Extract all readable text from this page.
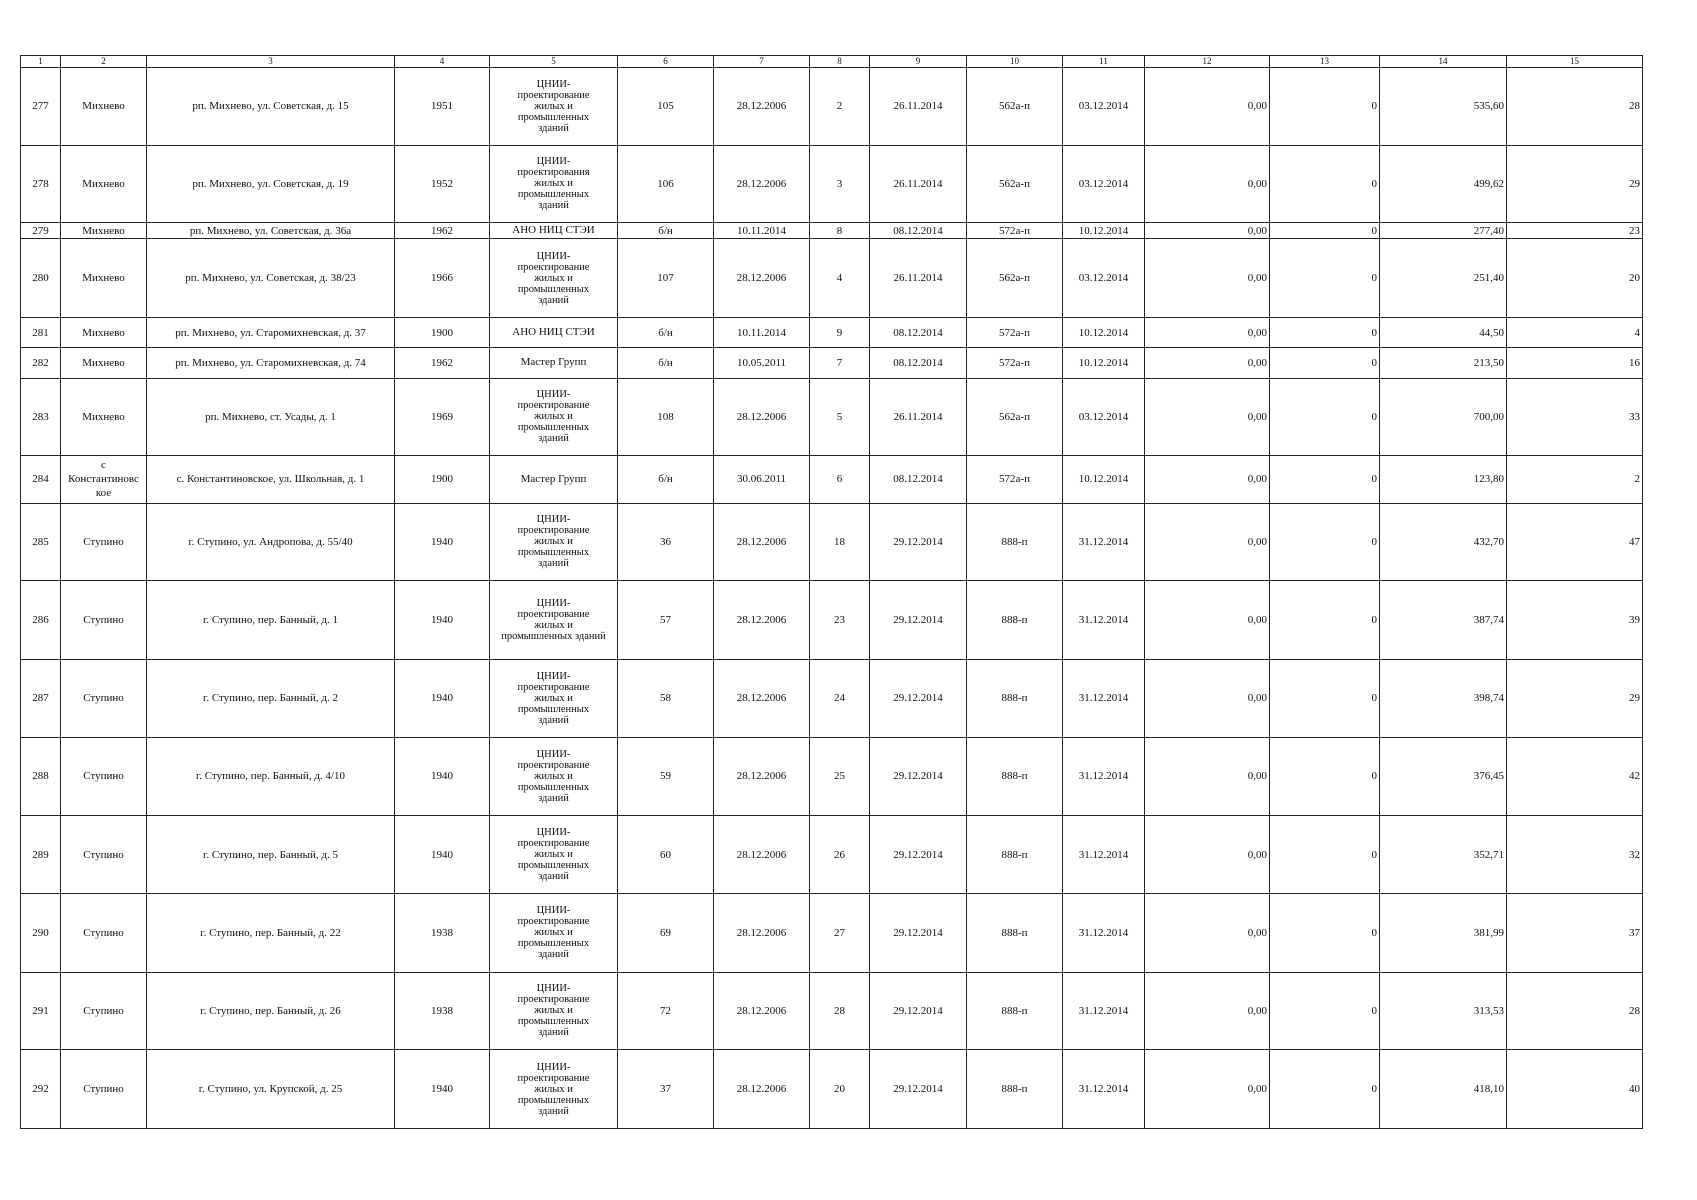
1	2	3	4	5	6	7	8	9	10	11	12	13	14	15
277	Михнево	рп. Михнево, ул. Советская, д. 15	1951	ЦНИИ-
проектирование
жилых и
промышленных
зданий	105	28.12.2006	2	26.11.2014	562а-п	03.12.2014	0,00	0	535,60	28
278	Михнево	рп. Михнево, ул. Советская, д. 19	1952	ЦНИИ-
проектирования
жилых и
промышленных
зданий	106	28.12.2006	3	26.11.2014	562а-п	03.12.2014	0,00	0	499,62	29
279	Михнево	рп. Михнево, ул. Советская, д. 36а	1962	АНО НИЦ СТЭИ	б/н	10.11.2014	8	08.12.2014	572а-п	10.12.2014	0,00	0	277,40	23
280	Михнево	рп. Михнево, ул. Советская, д. 38/23	1966	ЦНИИ-
проектирование
жилых и
промышленных
зданий	107	28.12.2006	4	26.11.2014	562а-п	03.12.2014	0,00	0	251,40	20
281	Михнево	рп. Михнево, ул. Старомихневская, д. 37	1900	АНО НИЦ СТЭИ	б/н	10.11.2014	9	08.12.2014	572а-п	10.12.2014	0,00	0	44,50	4
282	Михнево	рп. Михнево, ул. Старомихневская, д. 74	1962	Мастер Групп	б/н	10.05.2011	7	08.12.2014	572а-п	10.12.2014	0,00	0	213,50	16
283	Михнево	рп. Михнево, ст. Усады, д. 1	1969	ЦНИИ-
проектирование
жилых и
промышленных
зданий	108	28.12.2006	5	26.11.2014	562а-п	03.12.2014	0,00	0	700,00	33
284	с
Константиновс
кое	с. Константиновское, ул. Школьная, д. 1	1900	Мастер Групп	б/н	30.06.2011	6	08.12.2014	572а-п	10.12.2014	0,00	0	123,80	2
285	Ступино	г. Ступино, ул. Андропова, д. 55/40	1940	ЦНИИ-
проектирование
жилых и
промышленных
зданий	36	28.12.2006	18	29.12.2014	888-п	31.12.2014	0,00	0	432,70	47
286	Ступино	г. Ступино, пер. Банный, д. 1	1940	ЦНИИ-
проектирование
жилых и
промышленных зданий	57	28.12.2006	23	29.12.2014	888-п	31.12.2014	0,00	0	387,74	39
287	Ступино	г. Ступино, пер. Банный, д. 2	1940	ЦНИИ-
проектирование
жилых и
промышленных
зданий	58	28.12.2006	24	29.12.2014	888-п	31.12.2014	0,00	0	398,74	29
288	Ступино	г. Ступино, пер. Банный, д. 4/10	1940	ЦНИИ-
проектирование
жилых и
промышленных
зданий	59	28.12.2006	25	29.12.2014	888-п	31.12.2014	0,00	0	376,45	42
289	Ступино	г. Ступино, пер. Банный, д. 5	1940	ЦНИИ-
проектирование
жилых и
промышленных
зданий	60	28.12.2006	26	29.12.2014	888-п	31.12.2014	0,00	0	352,71	32
290	Ступино	г. Ступино, пер. Банный, д. 22	1938	ЦНИИ-
проектирование
жилых и
промышленных
зданий	69	28.12.2006	27	29.12.2014	888-п	31.12.2014	0,00	0	381,99	37
291	Ступино	г. Ступино, пер. Банный, д. 26	1938	ЦНИИ-
проектирование
жилых и
промышленных
зданий	72	28.12.2006	28	29.12.2014	888-п	31.12.2014	0,00	0	313,53	28
292	Ступино	г. Ступино, ул. Крупской, д. 25	1940	ЦНИИ-
проектирование
жилых и
промышленных
зданий	37	28.12.2006	20	29.12.2014	888-п	31.12.2014	0,00	0	418,10	40
